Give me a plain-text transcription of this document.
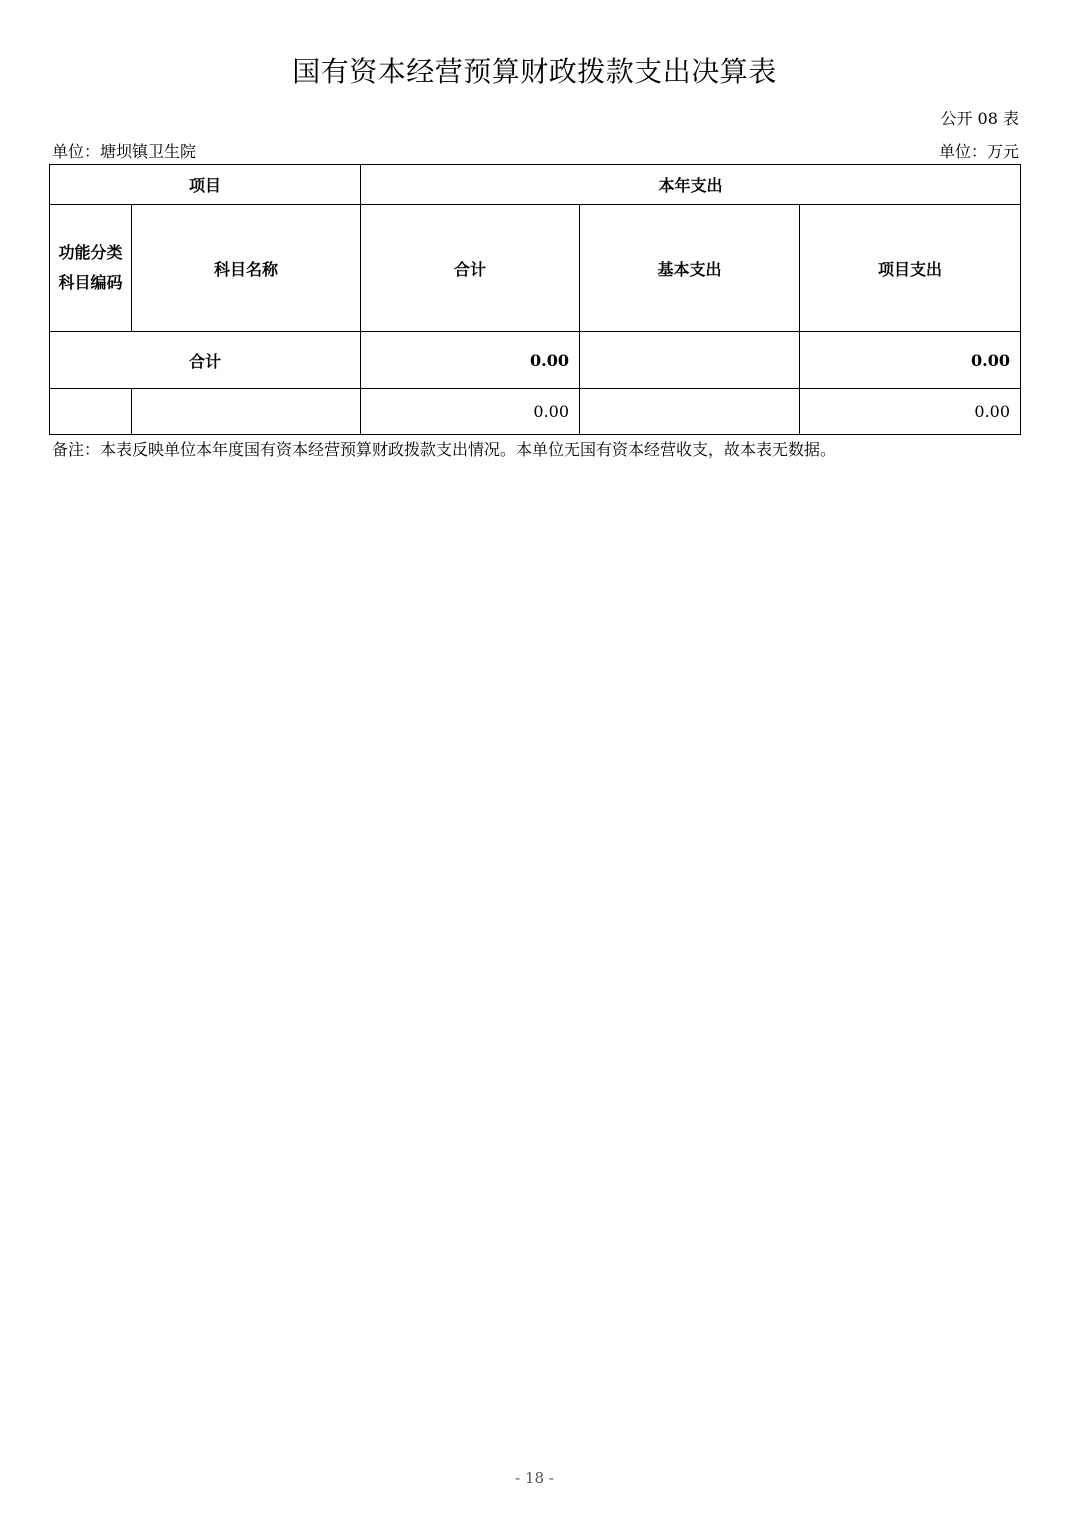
国有资本经营预算财政拨款支出决算表
公开 08 表
单位：塘坝镇卫生院	单位：万元
项目		本年支出		

功能分类
科目编码	科目名称	合计	基本支出	项目支出
合计		0.00		0.00
		0.00		0.00
备注：本表反映单位本年度国有资本经营预算财政拨款支出情况。本单位无国有资本经营收支，故本表无数据。
- 18 -
